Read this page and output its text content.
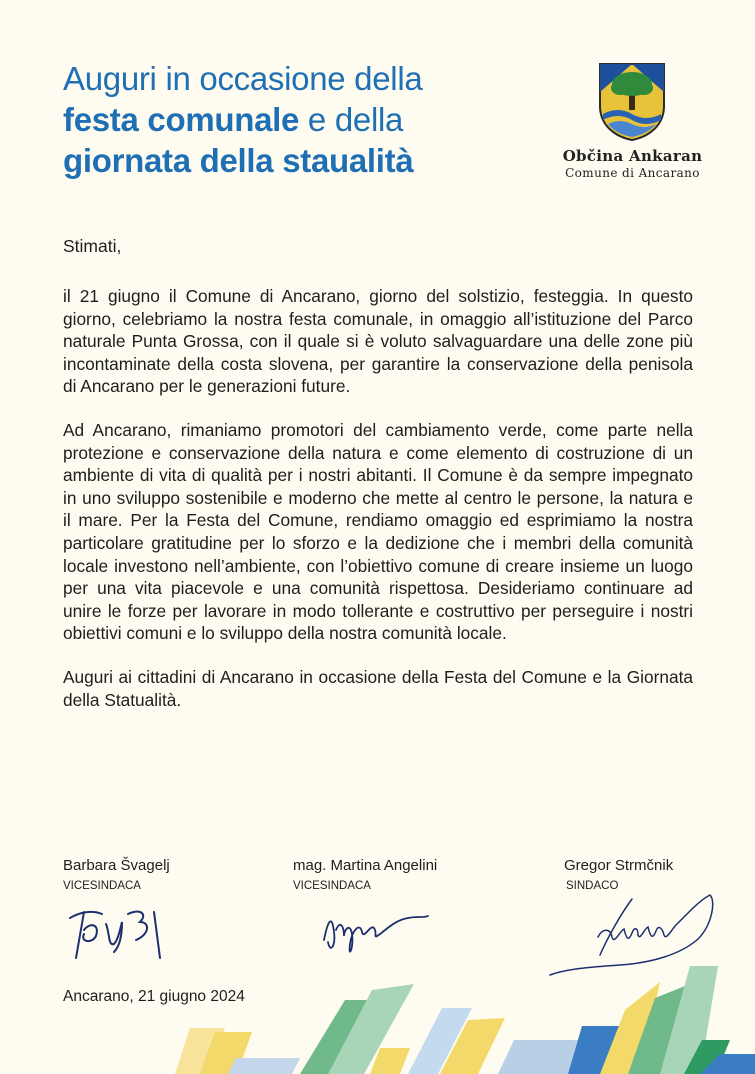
Auguri in occasione della
festa comunale e della
giornata della staualità	Občina Ankaran
Comune di Ancarano
Stimati,

il 21 giugno il Comune di Ancarano, giorno del solstizio, festeggia. In questo giorno, celebriamo la nostra festa comunale, in omaggio all’istituzione del Parco naturale Punta Grossa, con il quale si è voluto salvaguardare una delle zone più incontaminate della costa slovena, per garantire la conservazione della penisola di Ancarano per le generazioni future.

Ad Ancarano, rimaniamo promotori del cambiamento verde, come parte nella protezione e conservazione della natura e come elemento di costruzione di un ambiente di vita di qualità per i nostri abitanti. Il Comune è da sempre impegnato in uno sviluppo sostenibile e moderno che mette al centro le persone, la natura e il mare. Per la Festa del Comune, rendiamo omaggio ed esprimiamo la nostra particolare gratitudine per lo sforzo e la dedizione che i membri della comunità locale investono nell’ambiente, con l’obiettivo comune di creare insieme un luogo per una vita piacevole e una comunità rispettosa. Desideriamo continuare ad unire le forze per lavorare in modo tollerante e costruttivo per perseguire i nostri obiettivi comuni e lo sviluppo della nostra comunità locale.

Auguri ai cittadini di Ancarano in occasione della Festa del Comune e la Giornata della Statualità.

Barbara Švagelj
VICESINDACA
mag. Martina Angelini
VICESINDACA
Gregor Strmčnik
SINDACO
Ancarano, 21 giugno 2024
